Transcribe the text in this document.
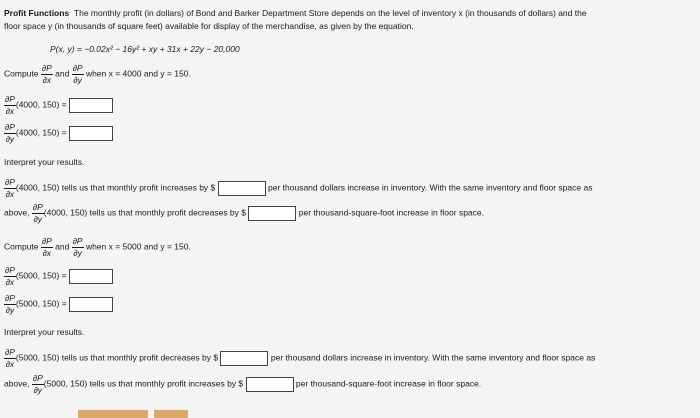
Profit Functions The monthly profit (in dollars) of Bond and Barker Department Store depends on the level of inventory x (in thousands of dollars) and the
floor space y (in thousands of square feet) available for display of the merchandise, as given by the equation.
P(x, y) = −0.02x² − 16y² + xy + 31x + 22y − 20,000
Compute $\frac{\partial P}{\partial x}$ and $\frac{\partial P}{\partial y}$ when x = 4000 and y = 150.
$\frac{\partial P}{\partial x} (4000$, 150) =
$\frac{\partial P}{\partial y} (4000$, 150) =
Interpret your results.
$\frac{\partial P}{\partial x} (4000$, 150) tells us that monthly profit increases by $	per thousand dollars increase in inventory. With the same inventory and floor space as
above, $\frac{\partial P}{\partial y} (4000$, 150) tells us that monthly profit decreases by $	per thousand-square-foot increase in floor space.
Compute $\frac{\partial P}{\partial x}$ and $\frac{\partial P}{\partial y}$ when x = 5000 and y = 150.
$\frac{\partial P}{\partial x} (5000$, 150) =
$\frac{\partial P}{\partial y} (5000$, 150) =
Interpret your results.
$\frac{\partial P}{\partial x} (5000$, 150) tells us that monthly profit decreases by $	per thousand dollars increase in inventory. With the same inventory and floor space as
above, $\frac{\partial P}{\partial y} (5000$, 150) tells us that monthly profit increases by $	per thousand-square-foot increase in floor space.
